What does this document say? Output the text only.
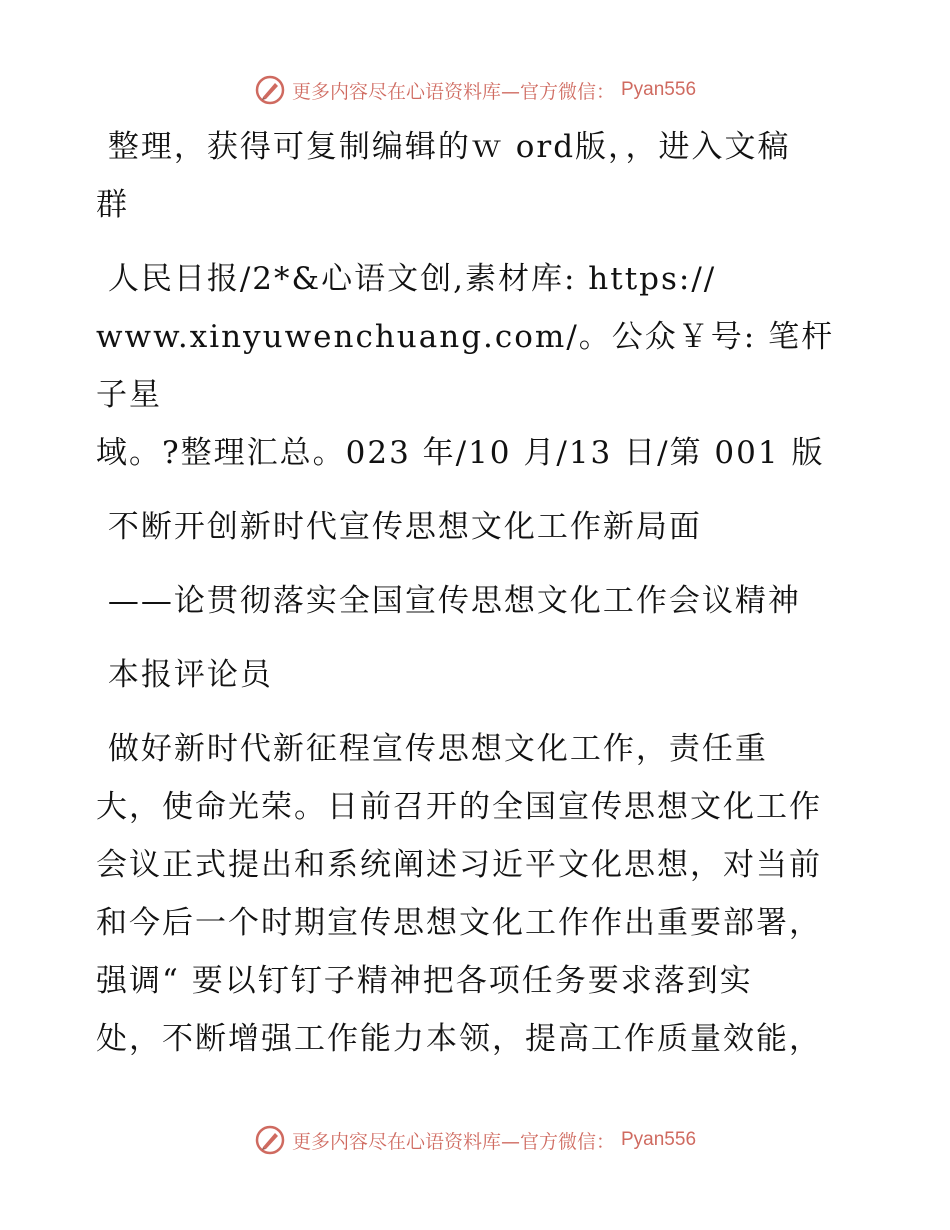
更多内容尽在心语资料库—官方微信： Pyan556

整理，获得可复制编辑的ｗ ord版，，进入文稿
群

人民日报/2*&心语文创,素材库: https://
www.xinyuwenchuang.com/。公众￥号: 笔杆子星
域。?整理汇总。023 年/10 月/13 日/第 001 版

不断开创新时代宣传思想文化工作新局面

——论贯彻落实全国宣传思想文化工作会议精神

本报评论员

做好新时代新征程宣传思想文化工作，责任重
大，使命光荣。日前召开的全国宣传思想文化工作
会议正式提出和系统阐述习近平文化思想，对当前
和今后一个时期宣传思想文化工作作出重要部署，
强调“ 要以钉钉子精神把各项任务要求落到实
处，不断增强工作能力本领，提高工作质量效能，

更多内容尽在心语资料库—官方微信： Pyan556
